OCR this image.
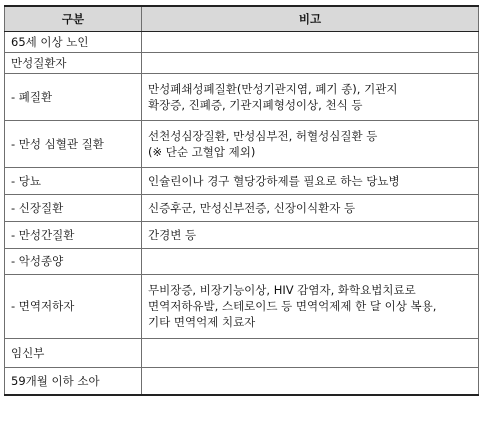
구분	비고
65세 이상 노인	
만성질환자	
- 폐질환	만성폐쇄성폐질환(만성기관지염, 폐기 종), 기관지
확장증, 진폐증, 기관지폐형성이상, 천식 등

- 만성 심혈관 질환	선천성심장질환, 만성심부전, 허혈성심질환 등
(※ 단순 고혈압 제외)

- 당뇨	인슐린이나 경구 혈당강하제를 필요로 하는 당뇨병

- 신장질환	신증후군, 만성신부전증, 신장이식환자 등

- 만성간질환	간경변 등

- 악성종양	
- 면역저하자	무비장증, 비장기능이상, HIV 감염자, 화학요법치료로
면역저하유발, 스테로이드 등 면역억제제 한 달 이상 복용,
기타 면역억제 치료자

임신부	
59개월 이하 소아	
